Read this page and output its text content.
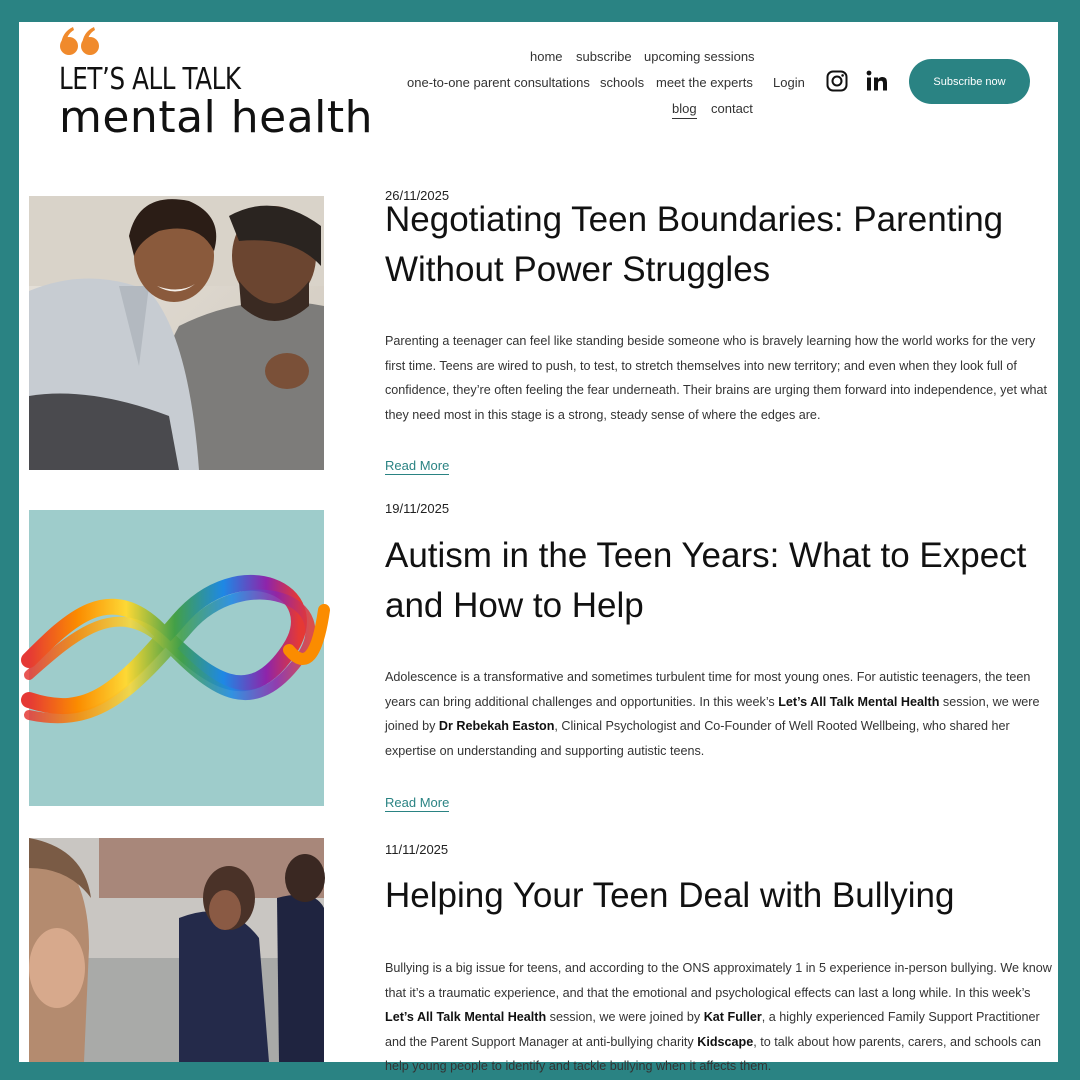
LET’S ALL TALK
mental health
home subscribe upcoming sessions
one-to-one parent consultations schools meet the experts Login
blog contact
Subscribe now
26/11/2025
Negotiating Teen Boundaries: Parenting Without Power Struggles

Parenting a teenager can feel like standing beside someone who is bravely learning how the world works for the very first time. Teens are wired to push, to test, to stretch themselves into new territory; and even when they look full of confidence, they’re often feeling the fear underneath. Their brains are urging them forward into independence, yet what they need most in this stage is a strong, steady sense of where the edges are.

Read More
19/11/2025
Autism in the Teen Years: What to Expect and How to Help

Adolescence is a transformative and sometimes turbulent time for most young ones. For autistic teenagers, the teen years can bring additional challenges and opportunities. In this week’s Let’s All Talk Mental Health session, we were joined by Dr Rebekah Easton, Clinical Psychologist and Co-Founder of Well Rooted Wellbeing, who shared her expertise on understanding and supporting autistic teens.

Read More
11/11/2025
Helping Your Teen Deal with Bullying

Bullying is a big issue for teens, and according to the ONS approximately 1 in 5 experience in-person bullying. We know that it’s a traumatic experience, and that the emotional and psychological effects can last a long while. In this week’s Let’s All Talk Mental Health session, we were joined by Kat Fuller, a highly experienced Family Support Practitioner and the Parent Support Manager at anti-bullying charity Kidscape, to talk about how parents, carers, and schools can help young people to identify and tackle bullying when it affects them.
